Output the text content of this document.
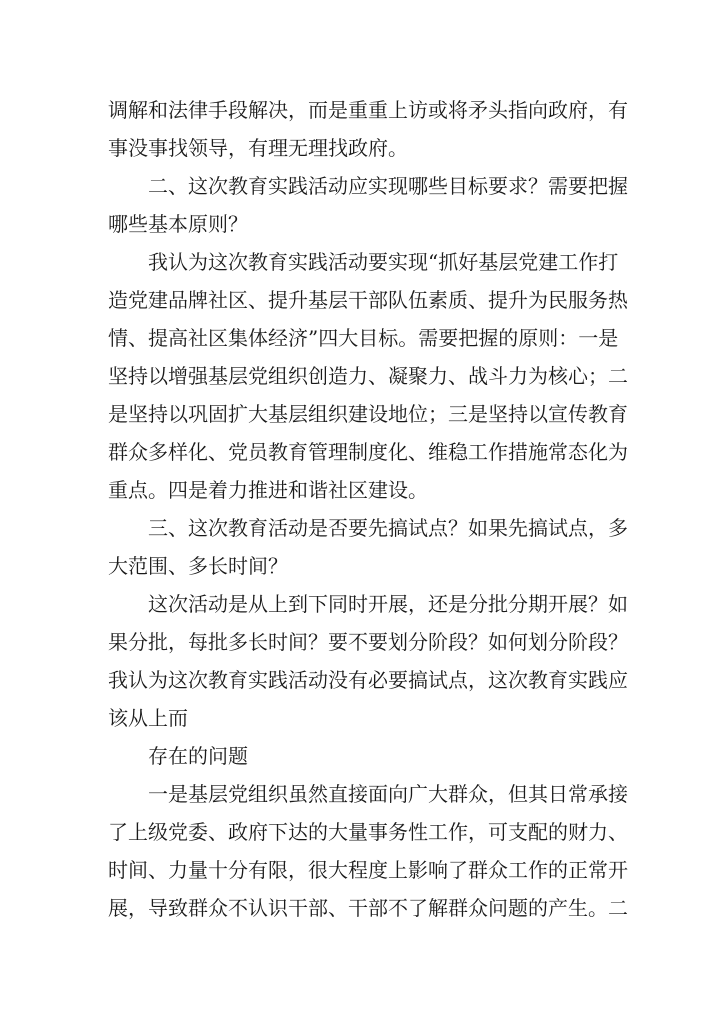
调解和法律手段解决，而是重重上访或将矛头指向政府，有
事没事找领导，有理无理找政府。
二、这次教育实践活动应实现哪些目标要求？需要把握
哪些基本原则？
我认为这次教育实践活动要实现“抓好基层党建工作打
造党建品牌社区、提升基层干部队伍素质、提升为民服务热
情、提高社区集体经济”四大目标。需要把握的原则：一是
坚持以增强基层党组织创造力、凝聚力、战斗力为核心；二
是坚持以巩固扩大基层组织建设地位；三是坚持以宣传教育
群众多样化、党员教育管理制度化、维稳工作措施常态化为
重点。四是着力推进和谐社区建设。
三、这次教育活动是否要先搞试点？如果先搞试点，多
大范围、多长时间？
这次活动是从上到下同时开展，还是分批分期开展？如
果分批，每批多长时间？要不要划分阶段？如何划分阶段？
我认为这次教育实践活动没有必要搞试点，这次教育实践应
该从上而
存在的问题
一是基层党组织虽然直接面向广大群众，但其日常承接
了上级党委、政府下达的大量事务性工作，可支配的财力、
时间、力量十分有限，很大程度上影响了群众工作的正常开
展，导致群众不认识干部、干部不了解群众问题的产生。二
